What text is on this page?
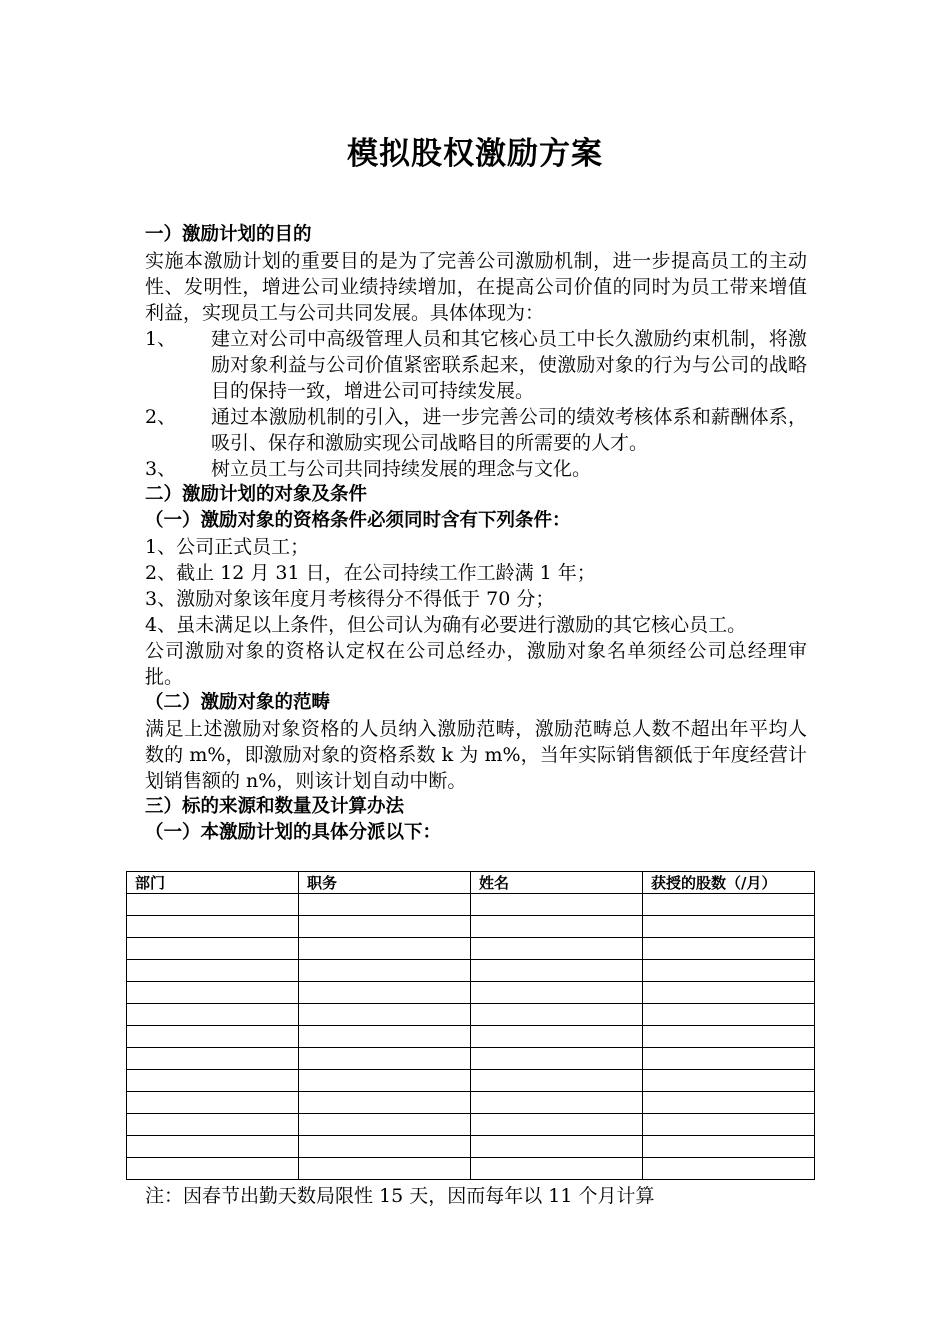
模拟股权激励方案

一）激励计划的目的

实施本激励计划的重要目的是为了完善公司激励机制，进一步提高员工的主动性、发明性，增进公司业绩持续增加，在提高公司价值的同时为员工带来增值利益，实现员工与公司共同发展。具体体现为：

1、	建立对公司中高级管理人员和其它核心员工中长久激励约束机制，将激励对象利益与公司价值紧密联系起来，使激励对象的行为与公司的战略目的保持一致，增进公司可持续发展。
2、	通过本激励机制的引入，进一步完善公司的绩效考核体系和薪酬体系，吸引、保存和激励实现公司战略目的所需要的人才。
3、	树立员工与公司共同持续发展的理念与文化。

二）激励计划的对象及条件

（一）激励对象的资格条件必须同时含有下列条件：

1、公司正式员工；

2、截止 12 月 31 日，在公司持续工作工龄满 1 年；

3、激励对象该年度月考核得分不得低于 70 分；

4、虽未满足以上条件，但公司认为确有必要进行激励的其它核心员工。

公司激励对象的资格认定权在公司总经办，激励对象名单须经公司总经理审批。

（二）激励对象的范畴

满足上述激励对象资格的人员纳入激励范畴，激励范畴总人数不超出年平均人数的 m%，即激励对象的资格系数 k 为 m%，当年实际销售额低于年度经营计划销售额的 n%，则该计划自动中断。

三）标的来源和数量及计算办法

（一）本激励计划的具体分派以下：

部门	职务	姓名	获授的股数（/月）

注：因春节出勤天数局限性 15 天，因而每年以 11 个月计算
